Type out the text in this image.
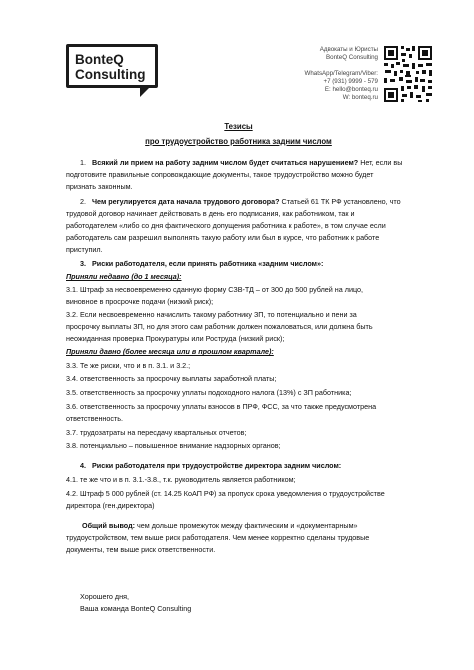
BonteQ
Consulting
Адвокаты и Юристы
BonteQ Consulting
WhatsApp/Telegram/Viber:
+7 (931) 9999 - 579
E: hello@bonteq.ru
W: bonteq.ru
Тезисы
про трудоустройство работника задним числом
1. Всякий ли прием на работу задним числом будет считаться нарушением? Нет, если вы
подготовите правильные сопровождающие документы, такое трудоустройство можно будет
признать законным.
2. Чем регулируется дата начала трудового договора? Статьей 61 ТК РФ установлено, что
трудовой договор начинает действовать в день его подписания, как работником, так и
работодателем «либо со дня фактического допущения работника к работе», в том случае если
работодатель сам разрешил выполнять такую работу или был в курсе, что работник к работе
приступил.
3. Риски работодателя, если принять работника «задним числом»:
Приняли недавно (до 1 месяца):
3.1. Штраф за несвоевременно сданную форму СЗВ-ТД – от 300 до 500 рублей на лицо,
виновное в просрочке подачи (низкий риск);
3.2. Если несвоевременно начислить такому работнику ЗП, то потенциально и пени за
просрочку выплаты ЗП, но для этого сам работник должен пожаловаться, или должна быть
неожиданная проверка Прокуратуры или Роструда (низкий риск);
Приняли давно (более месяца или в прошлом квартале):
3.3. Те же риски, что и в п. 3.1. и 3.2.;
3.4. ответственность за просрочку выплаты заработной платы;
3.5. ответственность за просрочку уплаты подоходного налога (13%) с ЗП работника;
3.6. ответственность за просрочку уплаты взносов в ПРФ, ФСС, за что также предусмотрена
ответственность.
3.7. трудозатраты на пересдачу квартальных отчетов;
3.8. потенциально – повышенное внимание надзорных органов;
4. Риски работодателя при трудоустройстве директора задним числом:
4.1. те же что и в п. 3.1.-3.8., т.к. руководитель является работником;
4.2. Штраф 5 000 рублей (ст. 14.25 КоАП РФ) за пропуск срока уведомления о трудоустройстве
директора (ген.директора)
Общий вывод: чем дольше промежуток между фактическим и «документарным»
трудоустройством, тем выше риск работодателя. Чем менее корректно сделаны трудовые
документы, тем выше риск ответственности.
Хорошего дня,
Ваша команда BonteQ Consulting
